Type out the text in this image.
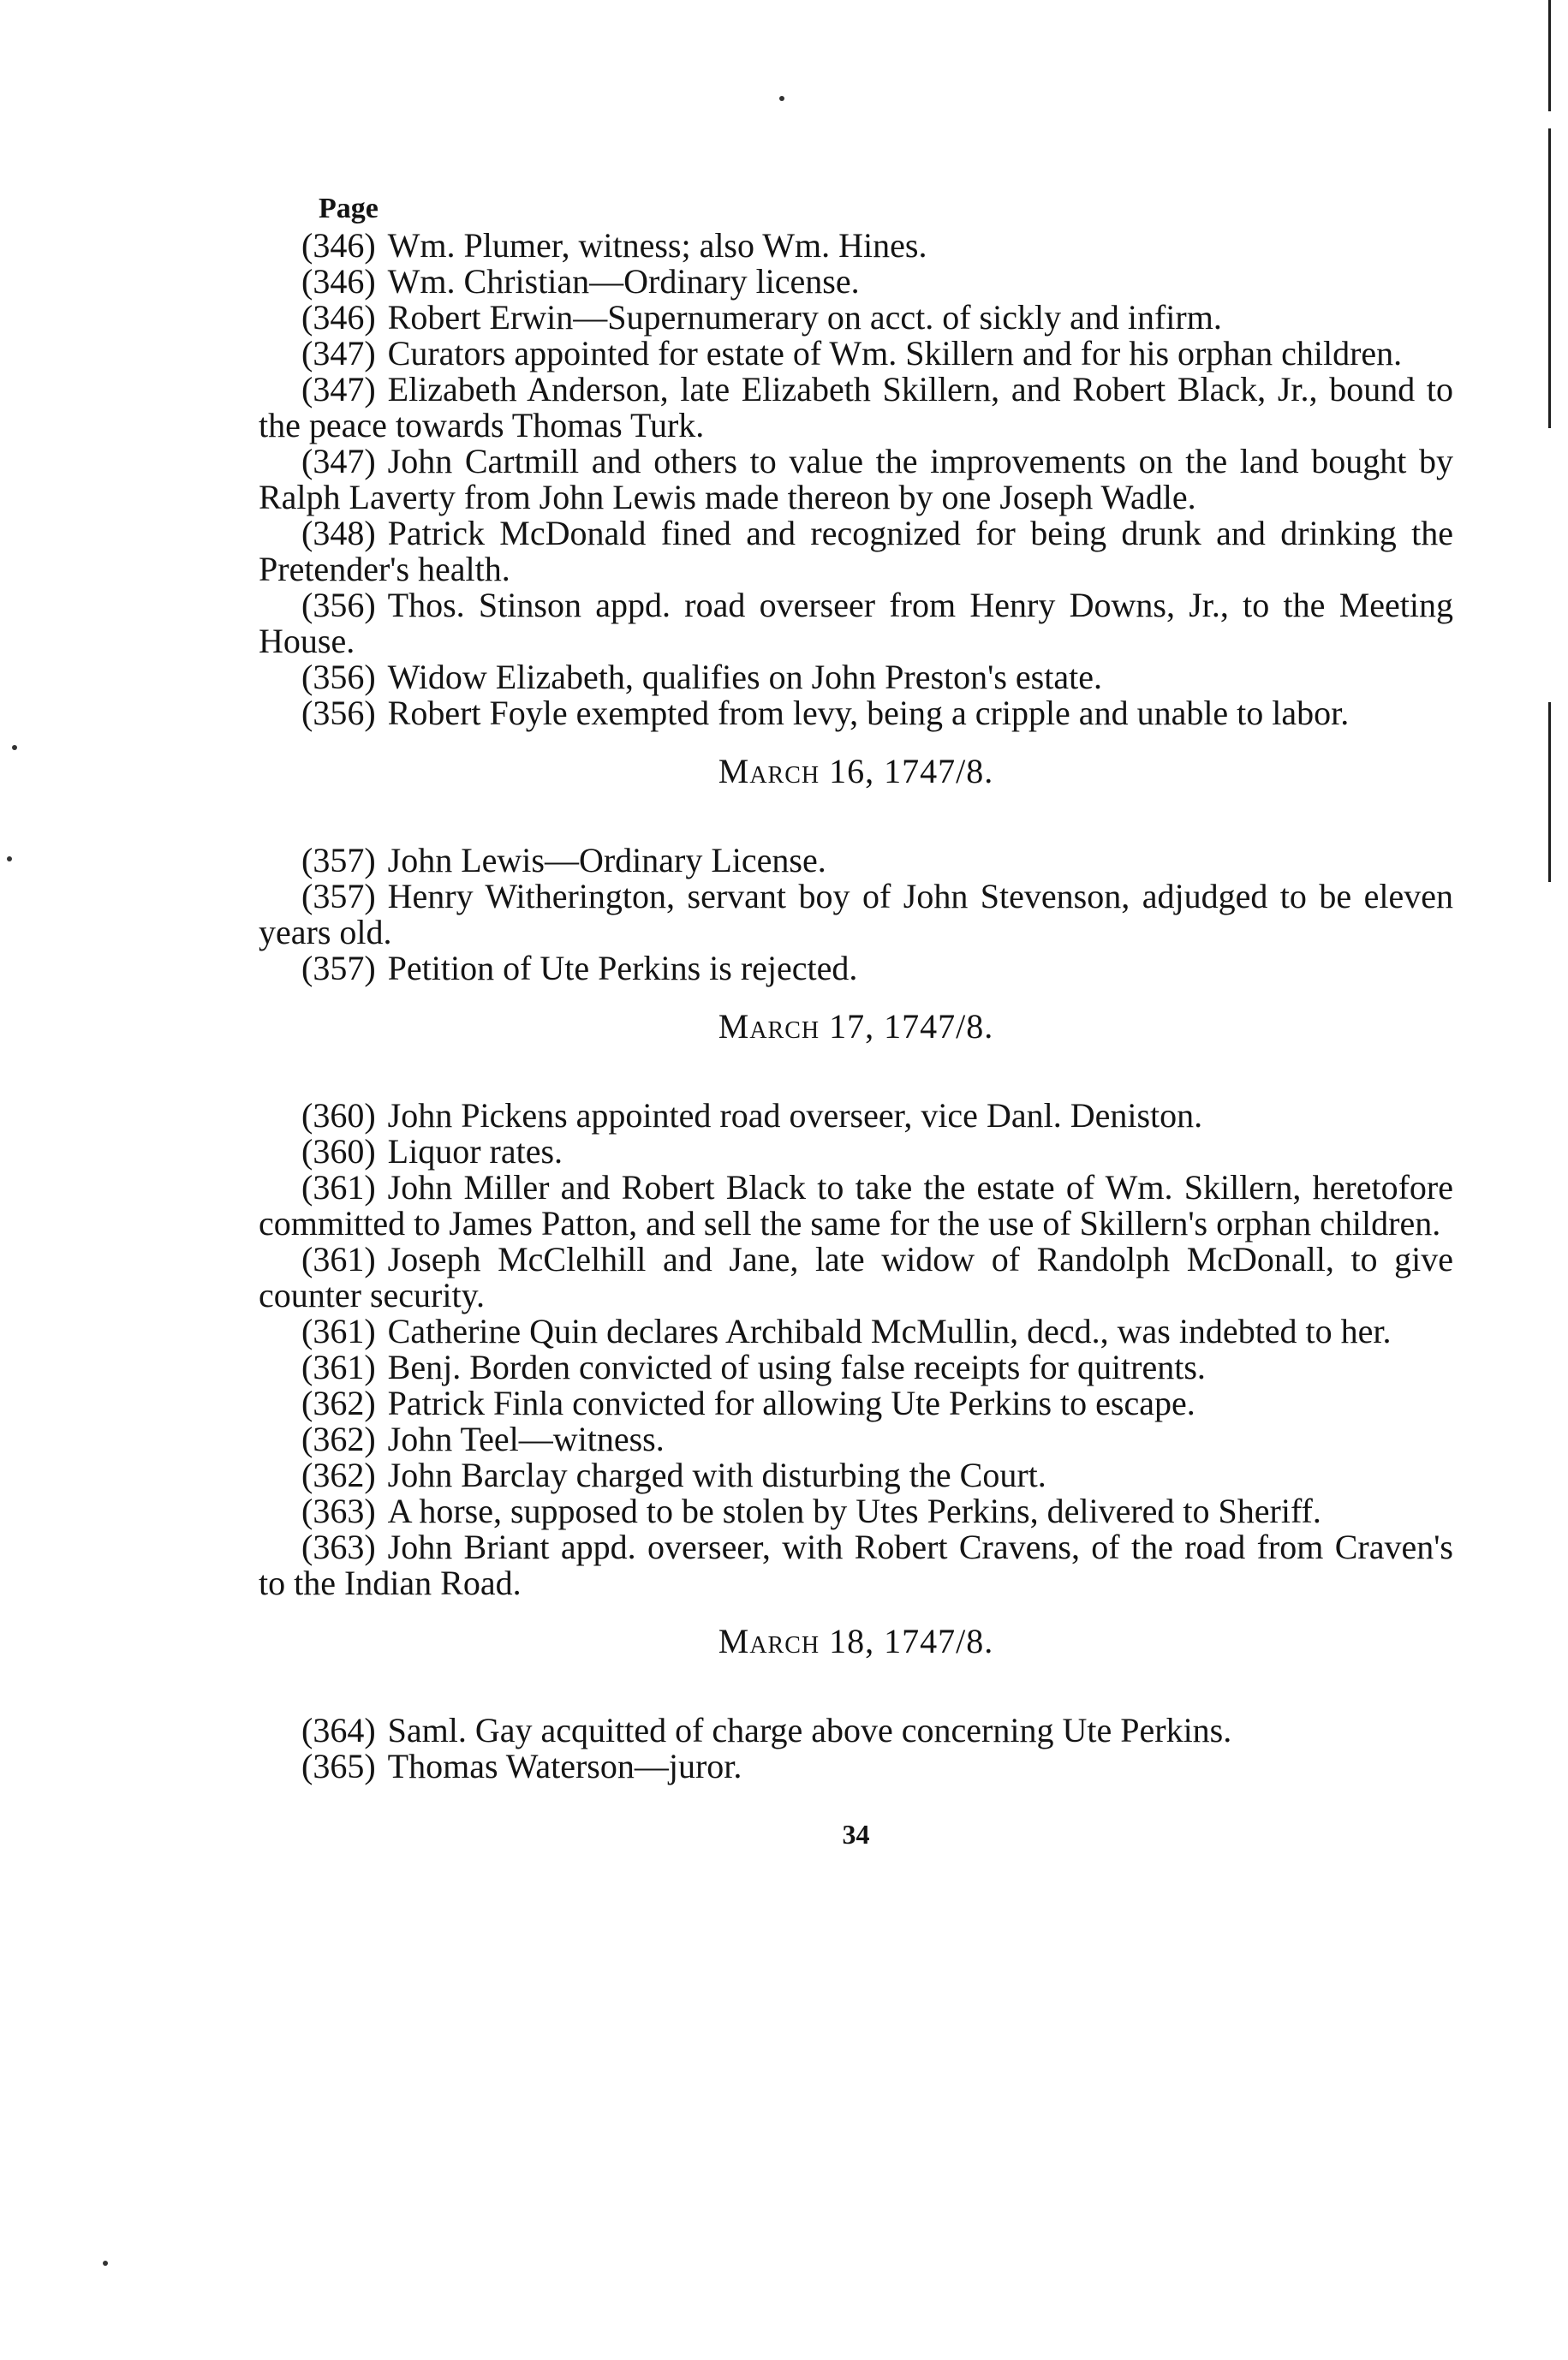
Page
(346) Wm. Plumer, witness; also Wm. Hines.
(346) Wm. Christian—Ordinary license.
(346) Robert Erwin—Supernumerary on acct. of sickly and infirm.
(347) Curators appointed for estate of Wm. Skillern and for his orphan children.
(347) Elizabeth Anderson, late Elizabeth Skillern, and Robert Black, Jr., bound to the peace towards Thomas Turk.
(347) John Cartmill and others to value the improvements on the land bought by Ralph Laverty from John Lewis made thereon by one Joseph Wadle.
(348) Patrick McDonald fined and recognized for being drunk and drinking the Pretender's health.
(356) Thos. Stinson appd. road overseer from Henry Downs, Jr., to the Meeting House.
(356) Widow Elizabeth, qualifies on John Preston's estate.
(356) Robert Foyle exempted from levy, being a cripple and unable to labor.
March 16, 1747/8.
(357) John Lewis—Ordinary License.
(357) Henry Witherington, servant boy of John Stevenson, adjudged to be eleven years old.
(357) Petition of Ute Perkins is rejected.
March 17, 1747/8.
(360) John Pickens appointed road overseer, vice Danl. Deniston.
(360) Liquor rates.
(361) John Miller and Robert Black to take the estate of Wm. Skillern, heretofore committed to James Patton, and sell the same for the use of Skillern's orphan children.
(361) Joseph McClelhill and Jane, late widow of Randolph McDonall, to give counter security.
(361) Catherine Quin declares Archibald McMullin, decd., was indebted to her.
(361) Benj. Borden convicted of using false receipts for quitrents.
(362) Patrick Finla convicted for allowing Ute Perkins to escape.
(362) John Teel—witness.
(362) John Barclay charged with disturbing the Court.
(363) A horse, supposed to be stolen by Utes Perkins, delivered to Sheriff.
(363) John Briant appd. overseer, with Robert Cravens, of the road from Craven's to the Indian Road.
March 18, 1747/8.
(364) Saml. Gay acquitted of charge above concerning Ute Perkins.
(365) Thomas Waterson—juror.
34
